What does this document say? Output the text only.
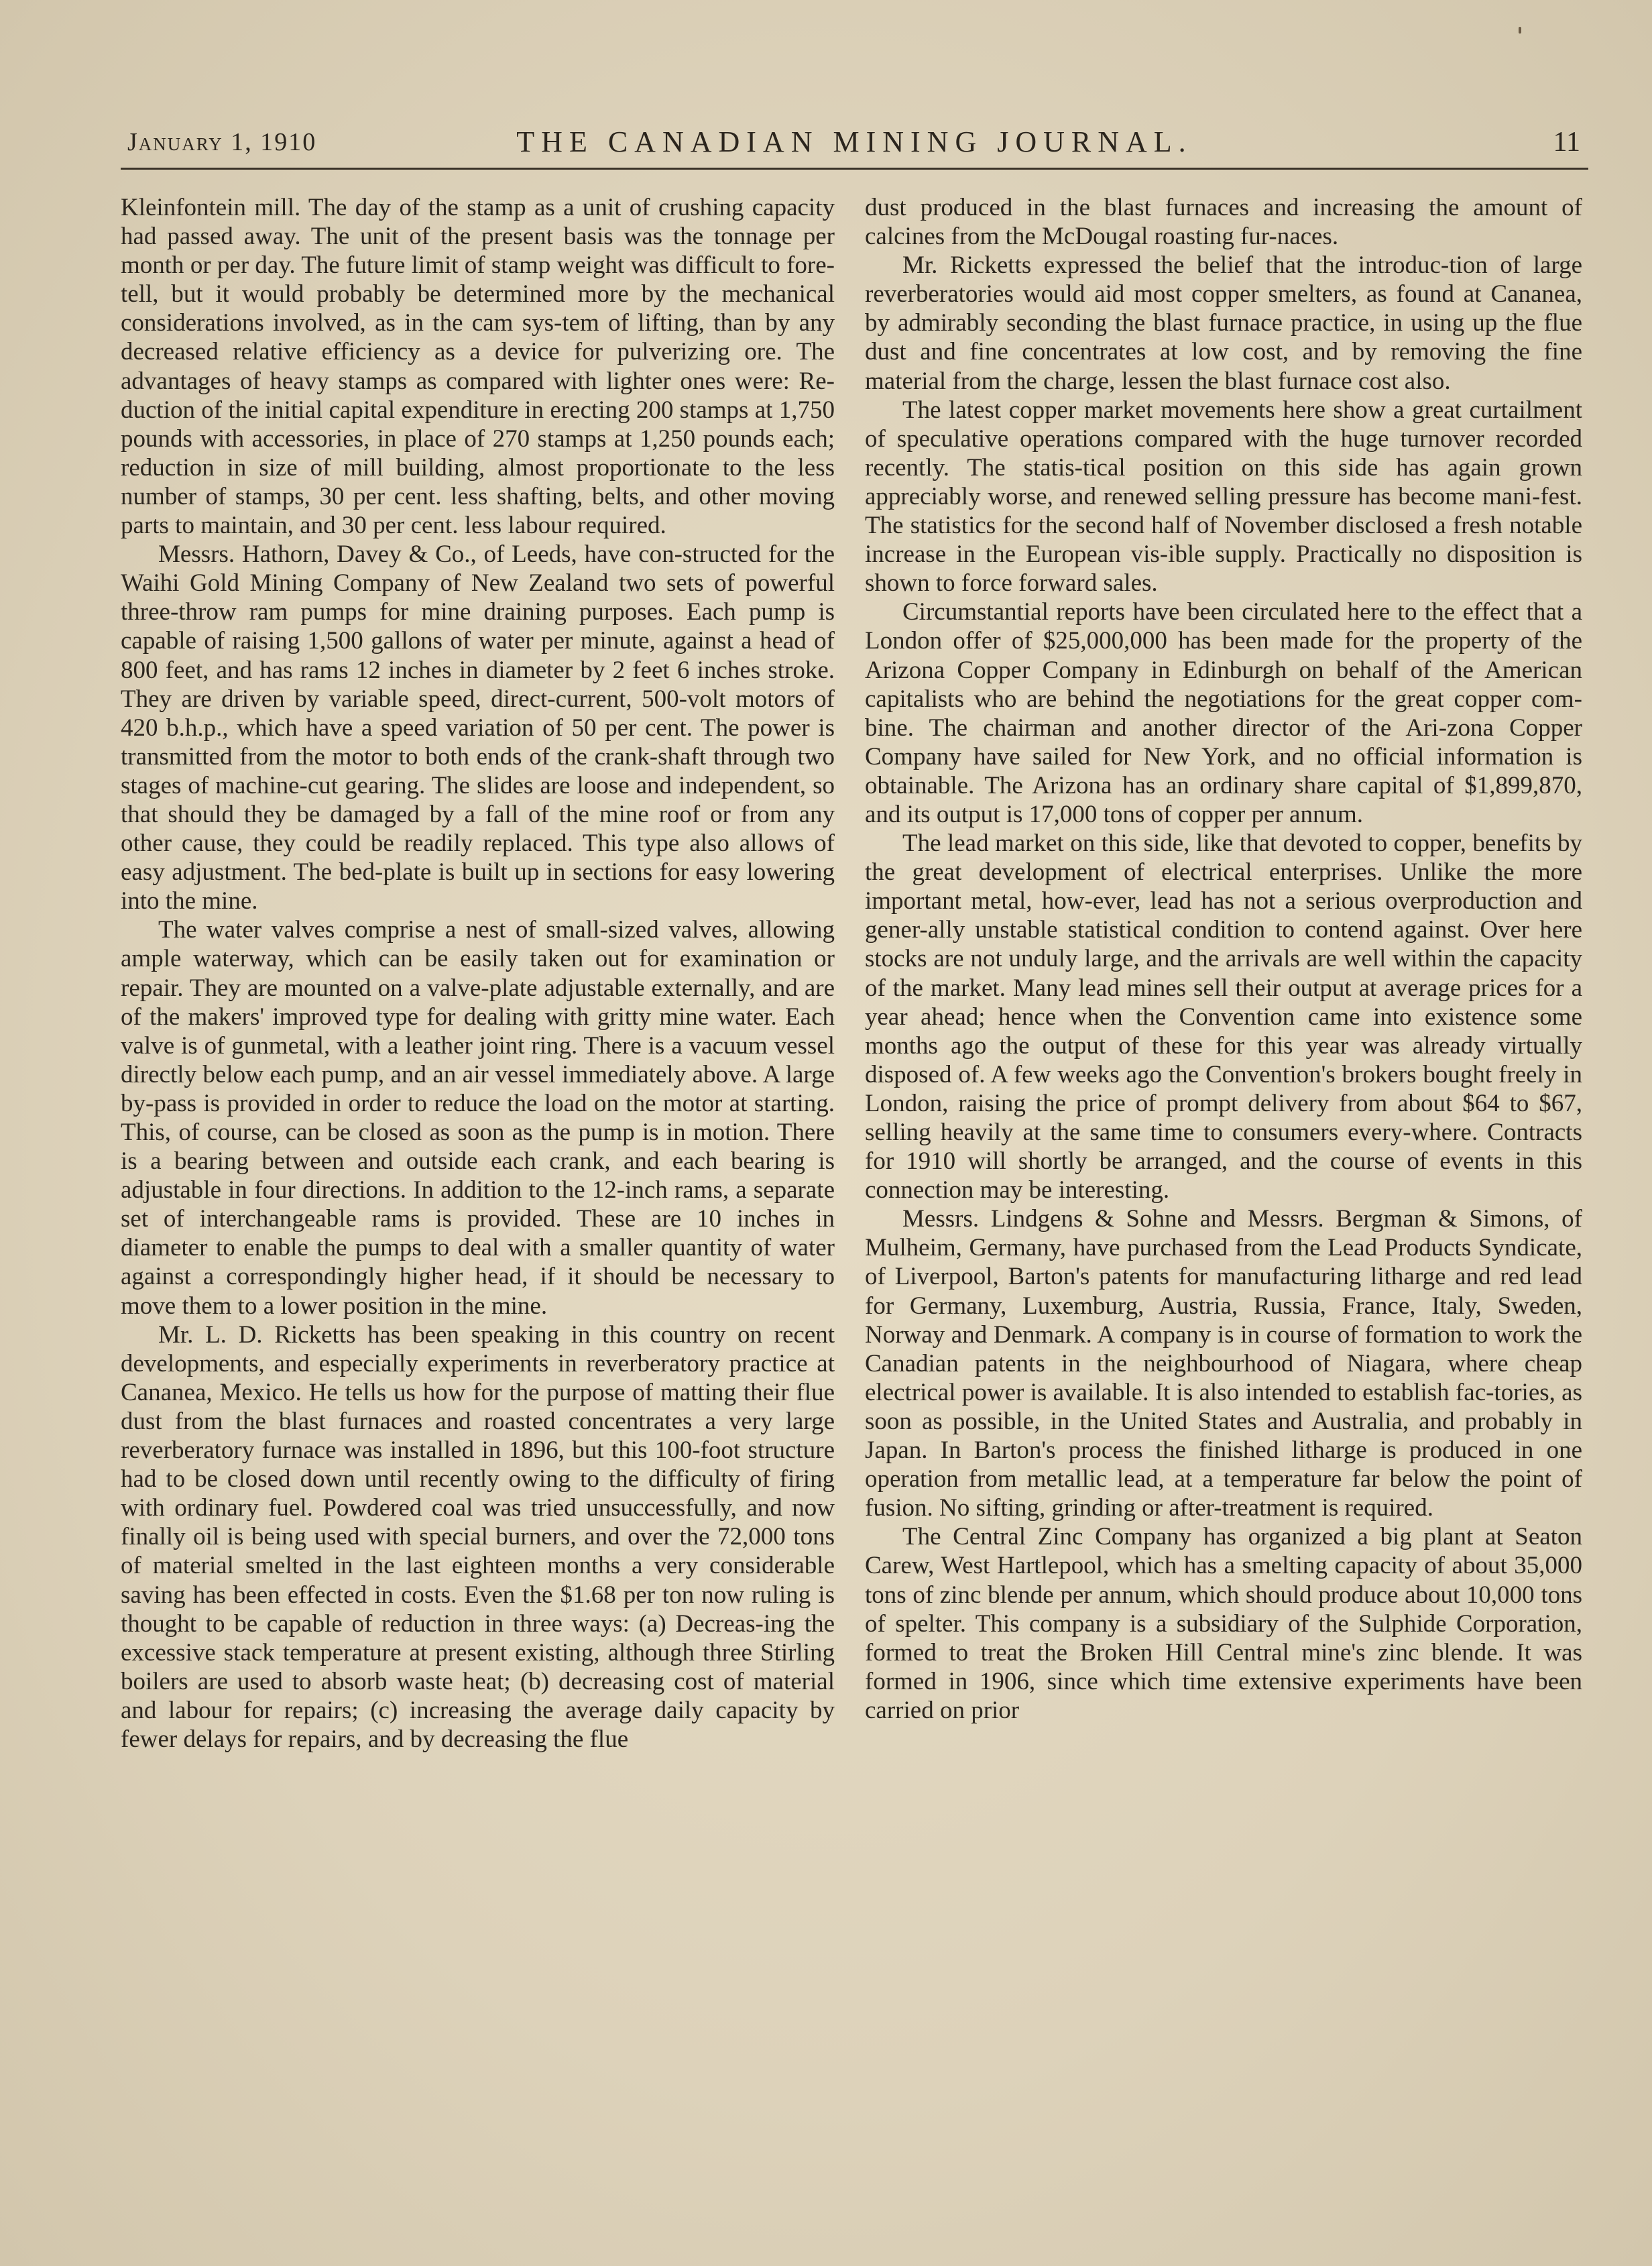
January 1, 1910	THE CANADIAN MINING JOURNAL.	11

Kleinfontein mill. The day of the stamp as a unit of crushing capacity had passed away. The unit of the present basis was the tonnage per month or per day. The future limit of stamp weight was difficult to fore-tell, but it would probably be determined more by the mechanical considerations involved, as in the cam sys-tem of lifting, than by any decreased relative efficiency as a device for pulverizing ore. The advantages of heavy stamps as compared with lighter ones were: Re-duction of the initial capital expenditure in erecting 200 stamps at 1,750 pounds with accessories, in place of 270 stamps at 1,250 pounds each; reduction in size of mill building, almost proportionate to the less number of stamps, 30 per cent. less shafting, belts, and other moving parts to maintain, and 30 per cent. less labour required.

Messrs. Hathorn, Davey & Co., of Leeds, have con-structed for the Waihi Gold Mining Company of New Zealand two sets of powerful three-throw ram pumps for mine draining purposes. Each pump is capable of raising 1,500 gallons of water per minute, against a head of 800 feet, and has rams 12 inches in diameter by 2 feet 6 inches stroke. They are driven by variable speed, direct-current, 500-volt motors of 420 b.h.p., which have a speed variation of 50 per cent. The power is transmitted from the motor to both ends of the crank-shaft through two stages of machine-cut gearing. The slides are loose and independent, so that should they be damaged by a fall of the mine roof or from any other cause, they could be readily replaced. This type also allows of easy adjustment. The bed-plate is built up in sections for easy lowering into the mine.

The water valves comprise a nest of small-sized valves, allowing ample waterway, which can be easily taken out for examination or repair. They are mounted on a valve-plate adjustable externally, and are of the makers' improved type for dealing with gritty mine water. Each valve is of gunmetal, with a leather joint ring. There is a vacuum vessel directly below each pump, and an air vessel immediately above. A large by-pass is provided in order to reduce the load on the motor at starting. This, of course, can be closed as soon as the pump is in motion. There is a bearing between and outside each crank, and each bearing is adjustable in four directions. In addition to the 12-inch rams, a separate set of interchangeable rams is provided. These are 10 inches in diameter to enable the pumps to deal with a smaller quantity of water against a correspondingly higher head, if it should be necessary to move them to a lower position in the mine.

Mr. L. D. Ricketts has been speaking in this country on recent developments, and especially experiments in reverberatory practice at Cananea, Mexico. He tells us how for the purpose of matting their flue dust from the blast furnaces and roasted concentrates a very large reverberatory furnace was installed in 1896, but this 100-foot structure had to be closed down until recently owing to the difficulty of firing with ordinary fuel. Powdered coal was tried unsuccessfully, and now finally oil is being used with special burners, and over the 72,000 tons of material smelted in the last eighteen months a very considerable saving has been effected in costs. Even the $1.68 per ton now ruling is thought to be capable of reduction in three ways: (a) Decreas-ing the excessive stack temperature at present existing, although three Stirling boilers are used to absorb waste heat; (b) decreasing cost of material and labour for repairs; (c) increasing the average daily capacity by fewer delays for repairs, and by decreasing the flue

dust produced in the blast furnaces and increasing the amount of calcines from the McDougal roasting fur-naces.

Mr. Ricketts expressed the belief that the introduc-tion of large reverberatories would aid most copper smelters, as found at Cananea, by admirably seconding the blast furnace practice, in using up the flue dust and fine concentrates at low cost, and by removing the fine material from the charge, lessen the blast furnace cost also.

The latest copper market movements here show a great curtailment of speculative operations compared with the huge turnover recorded recently. The statis-tical position on this side has again grown appreciably worse, and renewed selling pressure has become mani-fest. The statistics for the second half of November disclosed a fresh notable increase in the European vis-ible supply. Practically no disposition is shown to force forward sales.

Circumstantial reports have been circulated here to the effect that a London offer of $25,000,000 has been made for the property of the Arizona Copper Company in Edinburgh on behalf of the American capitalists who are behind the negotiations for the great copper com-bine. The chairman and another director of the Ari-zona Copper Company have sailed for New York, and no official information is obtainable. The Arizona has an ordinary share capital of $1,899,870, and its output is 17,000 tons of copper per annum.

The lead market on this side, like that devoted to copper, benefits by the great development of electrical enterprises. Unlike the more important metal, how-ever, lead has not a serious overproduction and gener-ally unstable statistical condition to contend against. Over here stocks are not unduly large, and the arrivals are well within the capacity of the market. Many lead mines sell their output at average prices for a year ahead; hence when the Convention came into existence some months ago the output of these for this year was already virtually disposed of. A few weeks ago the Convention's brokers bought freely in London, raising the price of prompt delivery from about $64 to $67, selling heavily at the same time to consumers every-where. Contracts for 1910 will shortly be arranged, and the course of events in this connection may be interesting.

Messrs. Lindgens & Sohne and Messrs. Bergman & Simons, of Mulheim, Germany, have purchased from the Lead Products Syndicate, of Liverpool, Barton's patents for manufacturing litharge and red lead for Germany, Luxemburg, Austria, Russia, France, Italy, Sweden, Norway and Denmark. A company is in course of formation to work the Canadian patents in the neighbourhood of Niagara, where cheap electrical power is available. It is also intended to establish fac-tories, as soon as possible, in the United States and Australia, and probably in Japan. In Barton's process the finished litharge is produced in one operation from metallic lead, at a temperature far below the point of fusion. No sifting, grinding or after-treatment is required.

The Central Zinc Company has organized a big plant at Seaton Carew, West Hartlepool, which has a smelting capacity of about 35,000 tons of zinc blende per annum, which should produce about 10,000 tons of spelter. This company is a subsidiary of the Sulphide Corporation, formed to treat the Broken Hill Central mine's zinc blende. It was formed in 1906, since which time extensive experiments have been carried on prior
